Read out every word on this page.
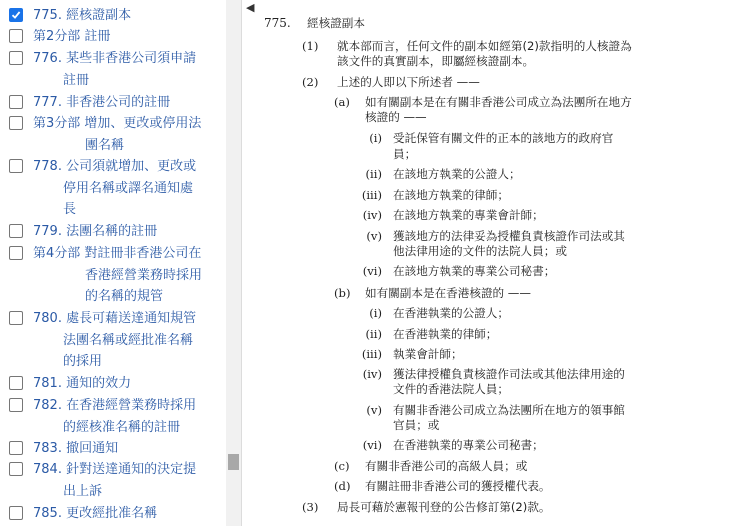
775. 經核證副本
第2分部 註冊
776. 某些非香港公司須申請
註冊
777. 非香港公司的註冊
第3分部 增加、更改或停用法
團名稱
778. 公司須就增加、更改或
停用名稱或譯名通知處
長
779. 法團名稱的註冊
第4分部 對註冊非香港公司在
香港經營業務時採用
的名稱的規管
780. 處長可藉送達通知規管
法團名稱或經批准名稱
的採用
781. 通知的效力
782. 在香港經營業務時採用
的經核准名稱的註冊
783. 撤回通知
784. 針對送達通知的決定提
出上訴
785. 更改經批准名稱
◀
775. 經核證副本
(1) 就本部而言，任何文件的副本如經第(2)款指明的人核證為
該文件的真實副本，即屬經核證副本。
(2) 上述的人即以下所述者 ——
(a) 如有關副本是在有關非香港公司成立為法團所在地方
核證的 ——
(i) 受託保管有關文件的正本的該地方的政府官
員；
(ii) 在該地方執業的公證人；
(iii) 在該地方執業的律師；
(iv) 在該地方執業的專業會計師；
(v) 獲該地方的法律妥為授權負責核證作司法或其
他法律用途的文件的法院人員；或
(vi) 在該地方執業的專業公司秘書；
(b) 如有關副本是在香港核證的 ——
(i) 在香港執業的公證人；
(ii) 在香港執業的律師；
(iii) 執業會計師；
(iv) 獲法律授權負責核證作司法或其他法律用途的
文件的香港法院人員；
(v) 有關非香港公司成立為法團所在地方的領事館
官員；或
(vi) 在香港執業的專業公司秘書；
(c) 有關非香港公司的高級人員；或
(d) 有關註冊非香港公司的獲授權代表。
(3) 局長可藉於憲報刊登的公告修訂第(2)款。
